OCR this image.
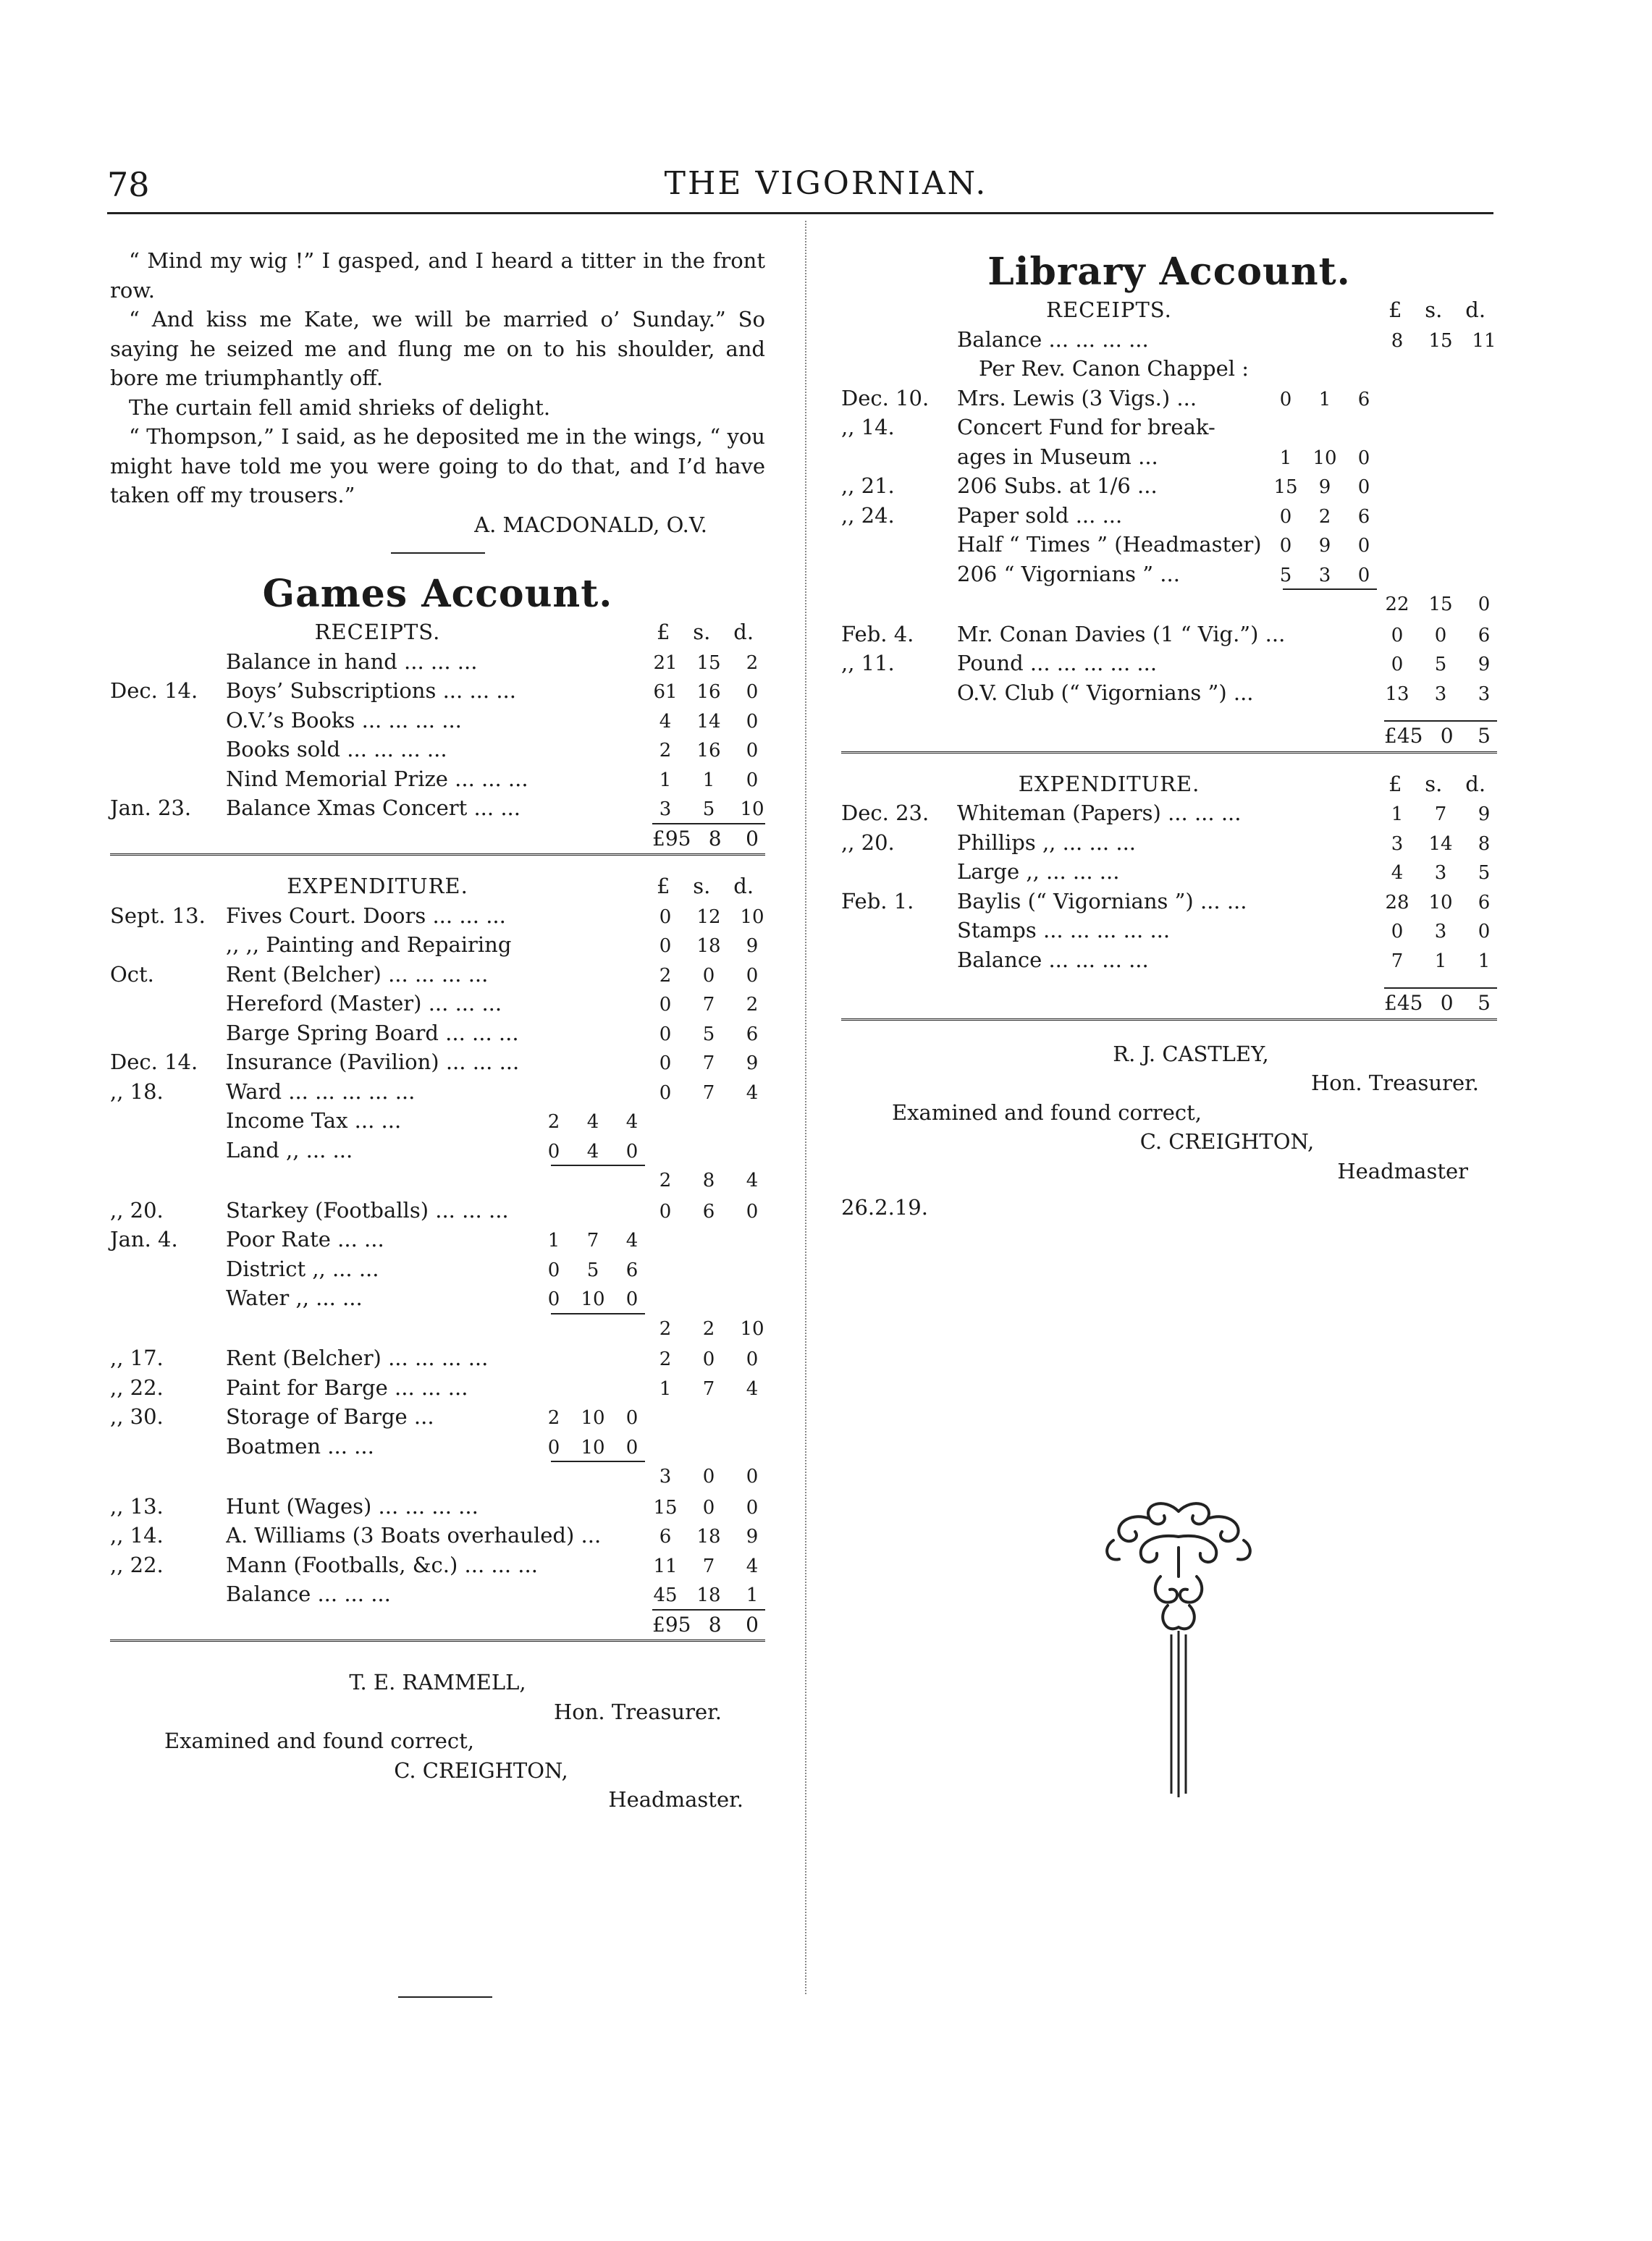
78	THE VIGORNIAN.

“ Mind my wig !” I gasped, and I heard a titter in the front row.

“ And kiss me Kate, we will be married o’ Sunday.” So saying he seized me and flung me on to his shoulder, and bore me triumphantly off.

The curtain fell amid shrieks of delight.

“ Thompson,” I said, as he deposited me in the wings, “ you might have told me you were going to do that, and I’d have taken off my trousers.”

A. MACDONALD, O.V.
Games Account.
RECEIPTS.	£ s. d.
Balance in hand ... ... ...	21 15	2
Dec. 14.	Boys’ Subscriptions ... ... ...	61 16	0
O.V.’s Books ... ... ... ...	4	14	0
Books sold ... ... ... ...	2	16	0
Nind Memorial Prize ... ... ...	1	1	0
Jan. 23.	Balance Xmas Concert ... ...	3	5	10
£95 8	0
EXPENDITURE.	£ s. d.
Sept. 13. Fives Court. Doors ... ... ...	0	12 10
,, ,, Painting and Repairing	0	18	9
Oct.	Rent (Belcher) ... ... ... ...	2	0	0
Hereford (Master) ... ... ...	0	7	2
Barge Spring Board ... ... ...	0	5	6
Dec. 14.	Insurance (Pavilion) ... ... ...	0	7	9
,, 18.	Ward ... ... ... ... ...	0	7	4
Income Tax ... ...	2	4	4
Land ,, ... ...	0	4	0
2	8	4
,, 20.	Starkey (Footballs) ... ... ...	0	6	0
Jan. 4.	Poor Rate ... ...	1	7	4
District ,, ... ...	0	5	6
Water ,, ... ...	0	10	0
2	2	10
,, 17.	Rent (Belcher) ... ... ... ...	2	0	0
,, 22.	Paint for Barge ... ... ...	1	7	4
,, 30.	Storage of Barge ...	2	10	0
Boatmen ... ...	0	10	0
3	0	0
,, 13.	Hunt (Wages) ... ... ... ...	15	0	0
,, 14.	A. Williams (3 Boats overhauled) ...	6	18	9
,, 22.	Mann (Footballs, &c.) ... ... ...	11	7	4
Balance ... ... ...	45 18	1
£95 8	0
T. E. RAMMELL,
Hon. Treasurer.
Examined and found correct,
C. CREIGHTON,
Headmaster.
Library Account.
RECEIPTS.	£ s. d.
Balance ... ... ... ...	8	15 11
Per Rev. Canon Chappel :
Dec. 10.	Mrs. Lewis (3 Vigs.) ...	0	1	6
,, 14.	Concert Fund for break-
ages in Museum ...	1	10	0
,, 21.	206 Subs. at 1/6 ...	15	9	0
,, 24.	Paper sold ... ...	0	2	6
Half “ Times ” (Headmaster) 0	9	0
206 “ Vigornians ” ...	5	3	0
22 15	0
Feb. 4.	Mr. Conan Davies (1 “ Vig.”) ...	0	0	6
,, 11.	Pound ... ... ... ... ...	0	5	9
O.V. Club (“ Vigornians ”) ...	13	3	3
£45 0	5
EXPENDITURE.	£ s. d.
Dec. 23.	Whiteman (Papers) ... ... ...	1	7	9
,, 20.	Phillips ,, ... ... ...	3	14	8
Large ,, ... ... ...	4	3	5
Feb. 1.	Baylis (“ Vigornians ”) ... ...	28 10	6
Stamps ... ... ... ... ...	0	3	0
Balance ... ... ... ...	7	1	1
£45 0	5
R. J. CASTLEY,
Hon. Treasurer.
Examined and found correct,
C. CREIGHTON,
Headmaster
26.2.19.
